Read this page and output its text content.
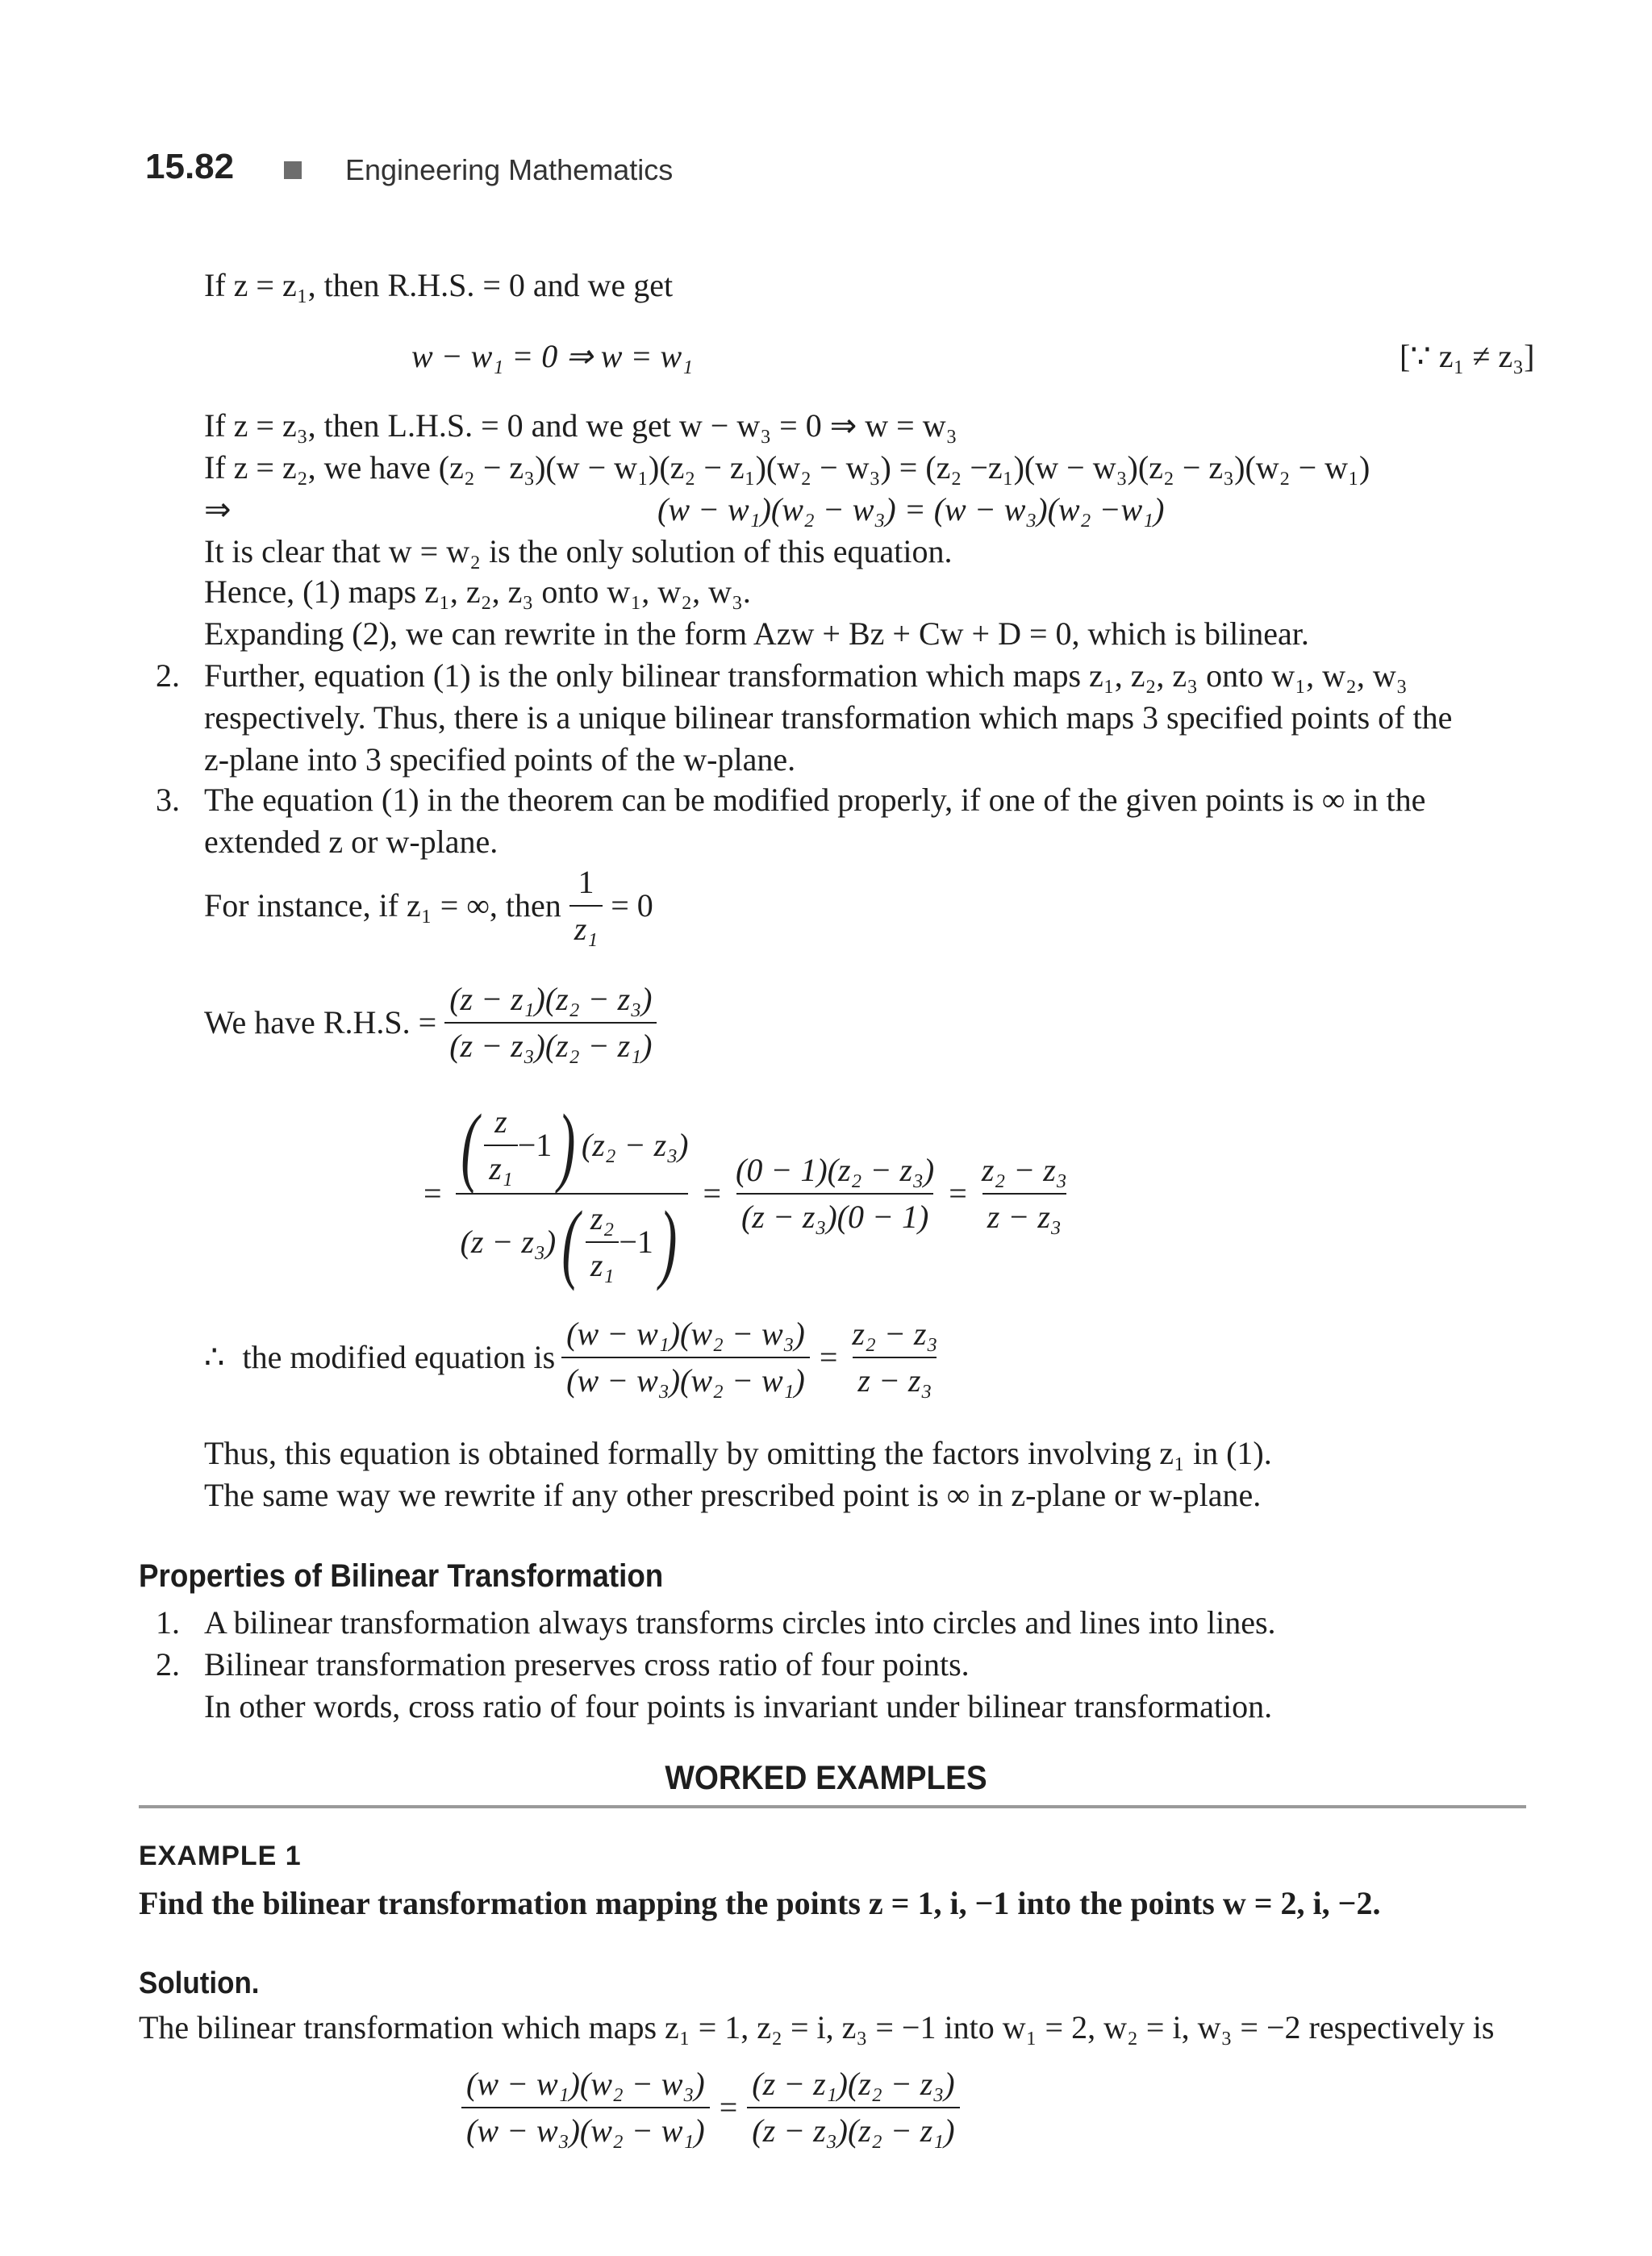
15.82	Engineering Mathematics
If z = z₁, then R.H.S. = 0 and we get
w − w₁ = 0 ⇒ w = w₁	[∵ z₁ ≠ z₃]
If z = z₃, then L.H.S. = 0 and we get w − w₃ = 0 ⇒ w = w₃
If z = z₂, we have (z₂ − z₃)(w − w₁)(z₂ − z₁)(w₂ − w₃) = (z₂ −z₁)(w − w₃)(z₂ − z₃)(w₂ − w₁)
⇒	(w − w₁)(w₂ − w₃) = (w − w₃)(w₂ −w₁)
It is clear that w = w₂ is the only solution of this equation.
Hence, (1) maps z₁, z₂, z₃ onto w₁, w₂, w₃.
Expanding (2), we can rewrite in the form Azw + Bz + Cw + D = 0, which is bilinear.
2. Further, equation (1) is the only bilinear transformation which maps z₁, z₂, z₃ onto w₁, w₂, w₃
respectively. Thus, there is a unique bilinear transformation which maps 3 specified points of the
z-plane into 3 specified points of the w-plane.
3. The equation (1) in the theorem can be modified properly, if one of the given points is ∞ in the
extended z or w-plane.
For instance, if z₁ = ∞, then $\frac{1}{\text{z₁}} = 0$
We have R.H.S. = $\frac{\text{(z − z₁)(z₂ − z₃)}}{\text{(z − z₃)(z₂ − z₁)}}$
= ( $\frac{z}{\text{z₁}} -1$ ) (z₂ − z₃)
(z − z₃) ( $\frac{\text{z₂}}{\text{z₁}} -1$ ) = $\frac{\text{(0 − 1)(z₂ − z₃)}}{\text{(z − z₃)(0 − 1)}} = \frac{\text{z₂ − z₃}}{\text{z − z₃}}$
∴ the modified equation is $\frac{\text{(w − w₁)(w₂ − w₃)}}{\text{(w − w₃)(w₂ − w₁)}} = \frac{\text{z₂ − z₃}}{\text{z − z₃}}$
Thus, this equation is obtained formally by omitting the factors involving z₁ in (1).
The same way we rewrite if any other prescribed point is ∞ in z-plane or w-plane.
Properties of Bilinear Transformation
1. A bilinear transformation always transforms circles into circles and lines into lines.
2. Bilinear transformation preserves cross ratio of four points.
In other words, cross ratio of four points is invariant under bilinear transformation.
WORKED EXAMPLES
EXAMPLE 1
Find the bilinear transformation mapping the points z = 1, i, −1 into the points w = 2, i, −2.
Solution.
The bilinear transformation which maps z₁ = 1, z₂ = i, z₃ = −1 into w₁ = 2, w₂ = i, w₃ = −2 respectively is
$\frac{\text{(w − w₁)(w₂ − w₃)}}{\text{(w − w₃)(w₂ − w₁)}} = \frac{\text{(z − z₁)(z₂ − z₃)}}{\text{(z − z₃)(z₂ − z₁)}}$
